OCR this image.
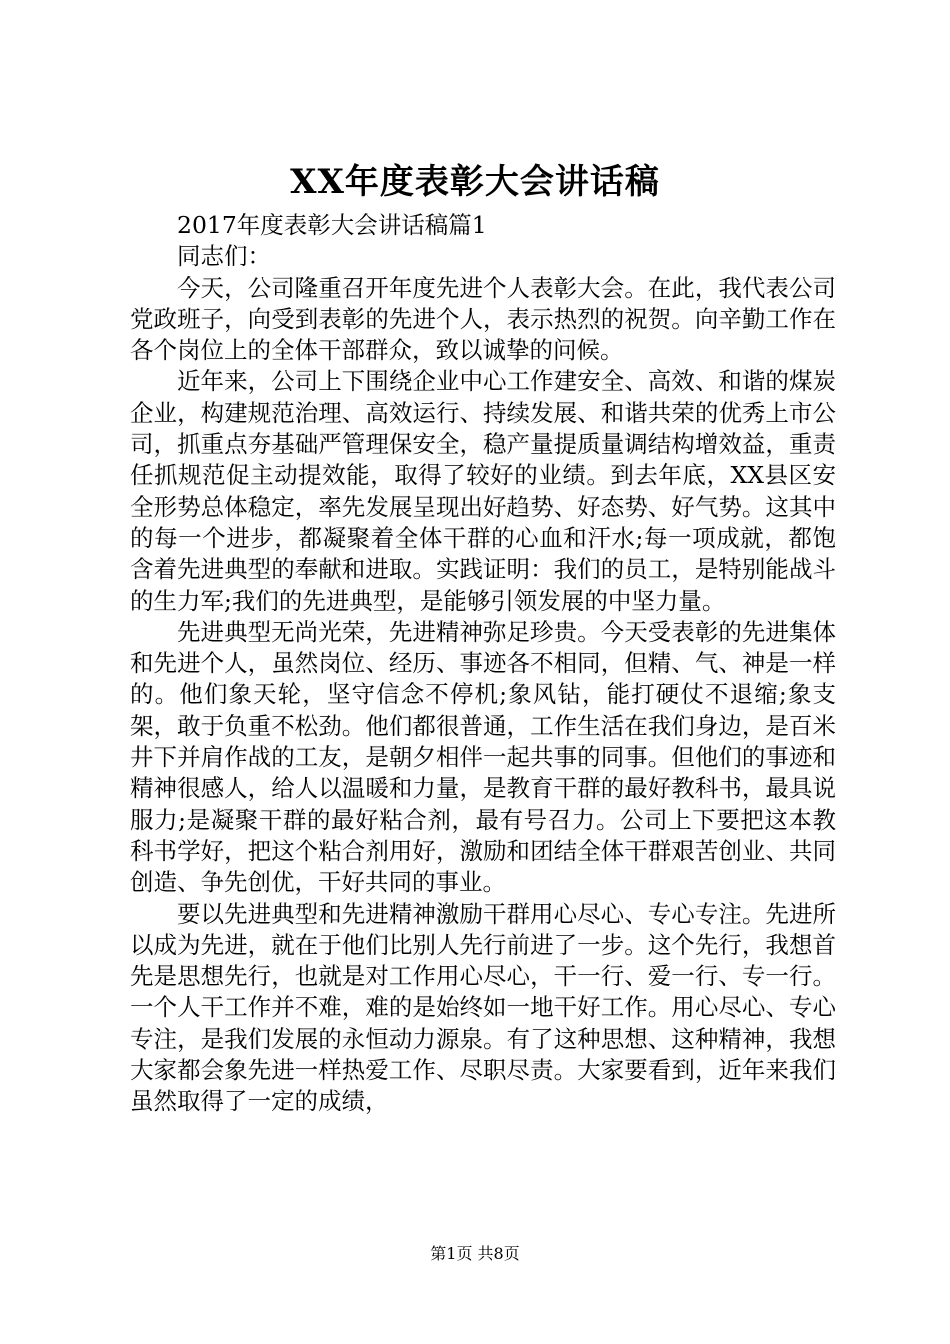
XX年度表彰大会讲话稿

2017年度表彰大会讲话稿篇1

同志们：

今天，公司隆重召开年度先进个人表彰大会。在此，我代表公司党政班子，向受到表彰的先进个人，表示热烈的祝贺。向辛勤工作在各个岗位上的全体干部群众，致以诚挚的问候。

近年来，公司上下围绕企业中心工作建安全、高效、和谐的煤炭企业，构建规范治理、高效运行、持续发展、和谐共荣的优秀上市公司，抓重点夯基础严管理保安全，稳产量提质量调结构增效益，重责任抓规范促主动提效能，取得了较好的业绩。到去年底，XX县区安全形势总体稳定，率先发展呈现出好趋势、好态势、好气势。这其中的每一个进步，都凝聚着全体干群的心血和汗水;每一项成就，都饱含着先进典型的奉献和进取。实践证明：我们的员工，是特别能战斗的生力军;我们的先进典型，是能够引领发展的中坚力量。

先进典型无尚光荣，先进精神弥足珍贵。今天受表彰的先进集体和先进个人，虽然岗位、经历、事迹各不相同，但精、气、神是一样的。他们象天轮，坚守信念不停机;象风钻，能打硬仗不退缩;象支架，敢于负重不松劲。他们都很普通，工作生活在我们身边，是百米井下并肩作战的工友，是朝夕相伴一起共事的同事。但他们的事迹和精神很感人，给人以温暖和力量，是教育干群的最好教科书，最具说服力;是凝聚干群的最好粘合剂，最有号召力。公司上下要把这本教科书学好，把这个粘合剂用好，激励和团结全体干群艰苦创业、共同创造、争先创优，干好共同的事业。

要以先进典型和先进精神激励干群用心尽心、专心专注。先进所以成为先进，就在于他们比别人先行前进了一步。这个先行，我想首先是思想先行，也就是对工作用心尽心，干一行、爱一行、专一行。一个人干工作并不难，难的是始终如一地干好工作。用心尽心、专心专注，是我们发展的永恒动力源泉。有了这种思想、这种精神，我想大家都会象先进一样热爱工作、尽职尽责。大家要看到，近年来我们虽然取得了一定的成绩，

第1页 共8页
